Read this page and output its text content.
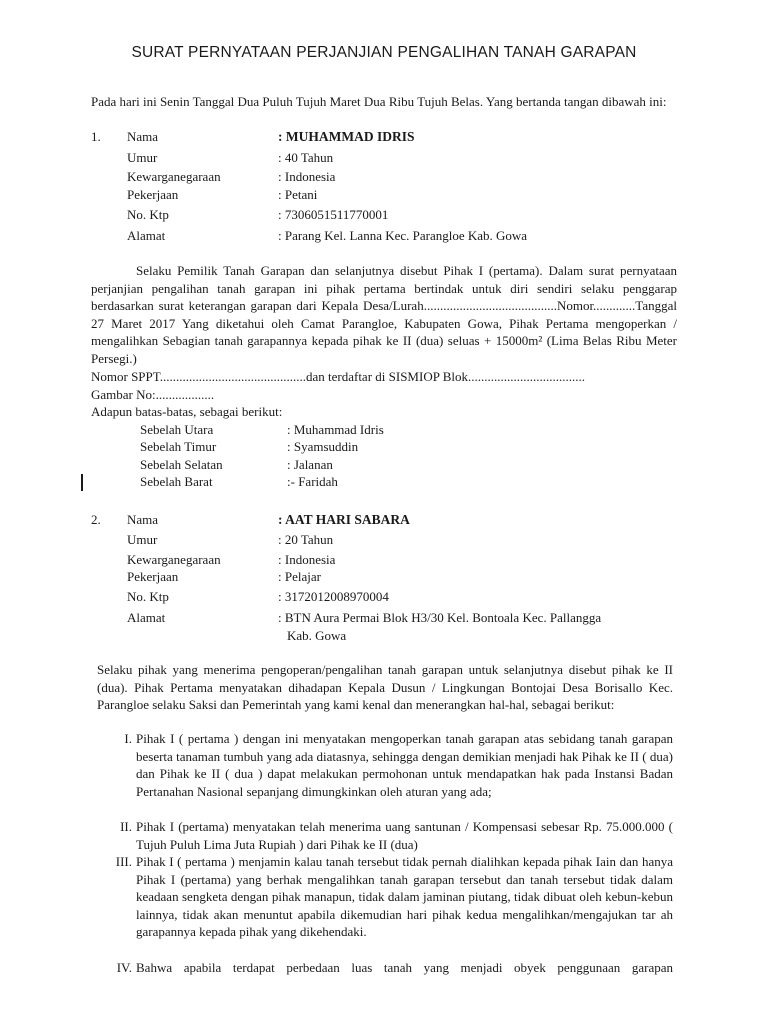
SURAT PERNYATAAN PERJANJIAN PENGALIHAN TANAH GARAPAN
Pada hari ini Senin Tanggal Dua Puluh Tujuh Maret Dua Ribu Tujuh Belas. Yang bertanda tangan dibawah ini:
1. Nama	: MUHAMMAD IDRIS
Umur	: 40 Tahun
Kewarganegaraan	: Indonesia
Pekerjaan	: Petani
No. Ktp	: 7306051511770001
Alamat	: Parang Kel. Lanna Kec. Parangloe Kab. Gowa
Selaku Pemilik Tanah Garapan dan selanjutnya disebut Pihak I (pertama). Dalam surat pernyataan perjanjian pengalihan tanah garapan ini pihak pertama bertindak untuk diri sendiri selaku penggarap berdasarkan surat keterangan garapan dari Kepala Desa/Lurah.........................................Nomor.............Tanggal 27 Maret 2017 Yang diketahui oleh Camat Parangloe, Kabupaten Gowa, Pihak Pertama mengoperkan / mengalihkan Sebagian tanah garapannya kepada pihak ke II (dua) seluas + 15000m² (Lima Belas Ribu Meter Persegi.)
Nomor SPPT.............................................dan terdaftar di SISMIOP Blok....................................
Gambar No:..................
Adapun batas-batas, sebagai berikut:
Sebelah Utara	: Muhammad Idris
Sebelah Timur	: Syamsuddin
Sebelah Selatan	: Jalanan
Sebelah Barat	:- Faridah
2. Nama	: AAT HARI SABARA
Umur	: 20 Tahun
Kewarganegaraan	: Indonesia
Pekerjaan	: Pelajar
No. Ktp	: 3172012008970004
Alamat	: BTN Aura Permai Blok H3/30 Kel. Bontoala Kec. Pallangga
Kab. Gowa
Selaku pihak yang menerima pengoperan/pengalihan tanah garapan untuk selanjutnya disebut pihak ke II (dua). Pihak Pertama menyatakan dihadapan Kepala Dusun / Lingkungan Bontojai Desa Borisallo Kec. Parangloe selaku Saksi dan Pemerintah yang kami kenal dan menerangkan hal-hal, sebagai berikut:
I. Pihak I ( pertama ) dengan ini menyatakan mengoperkan tanah garapan atas sebidang tanah garapan beserta tanaman tumbuh yang ada diatasnya, sehingga dengan demikian menjadi hak Pihak ke II ( dua) dan Pihak ke II ( dua ) dapat melakukan permohonan untuk mendapatkan hak pada Instansi Badan Pertanahan Nasional sepanjang dimungkinkan oleh aturan yang ada;
II. Pihak I (pertama) menyatakan telah menerima uang santunan / Kompensasi sebesar Rp. 75.000.000 ( Tujuh Puluh Lima Juta Rupiah ) dari Pihak ke II (dua)
III. Pihak I ( pertama ) menjamin kalau tanah tersebut tidak pernah dialihkan kepada pihak Iain dan hanya Pihak I (pertama) yang berhak mengalihkan tanah garapan tersebut dan tanah tersebut tidak dalam keadaan sengketa dengan pihak manapun, tidak dalam jaminan piutang, tidak dibuat oleh kebun-kebun lainnya, tidak akan menuntut apabila dikemudian hari pihak kedua mengalihkan/mengajukan tar ah garapannya kepada pihak yang dikehendaki.
IV. Bahwa apabila terdapat perbedaan luas tanah yang menjadi obyek penggunaan garapan
